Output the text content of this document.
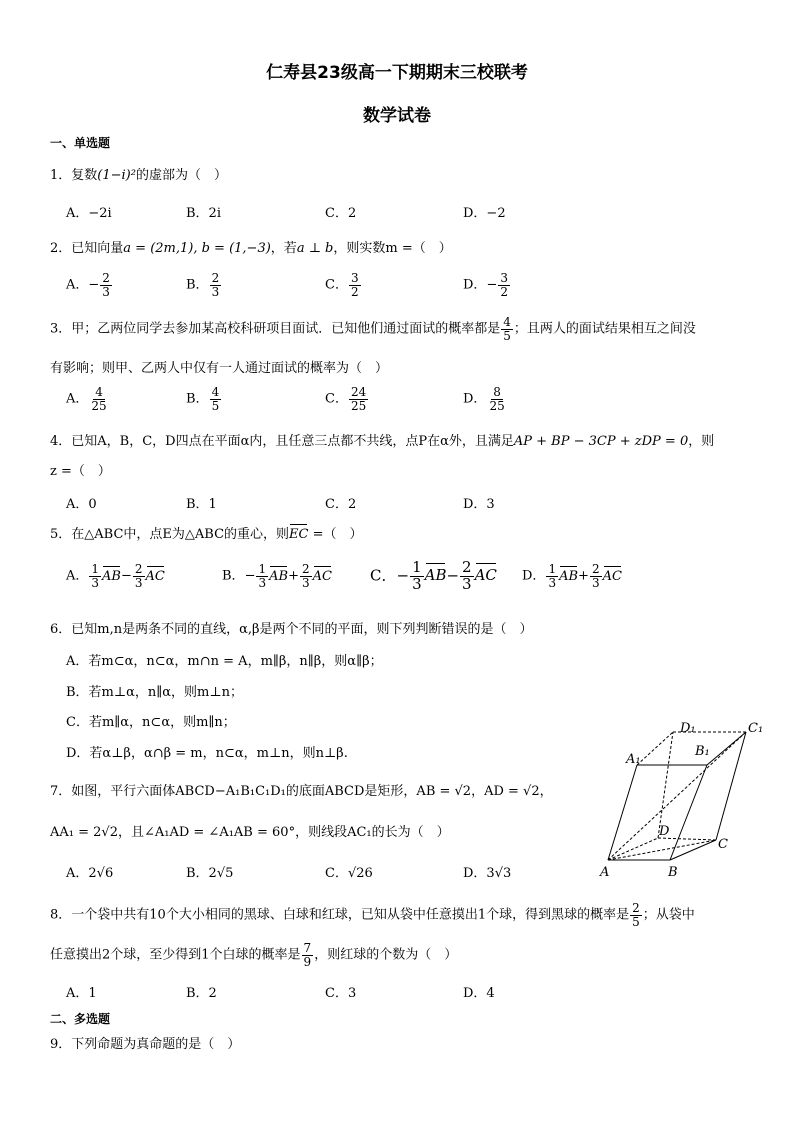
仁寿县23级高一下期期末三校联考
数学试卷
一、单选题
1．复数(1−i)²的虚部为（　）
A．−2i	B．2i	C．2	D．−2
2．已知向量a = (2m,1), b = (1,−3)，若a ⊥ b，则实数m =（　）
A．− $\frac{2}{3}$	B． $\frac{2}{3}$	C． $\frac{3}{2}$	D．− $\frac{3}{2}$
3．甲；乙两位同学去参加某高校科研项目面试．已知他们通过面试的概率都是 $\frac{4}{5}$ ；且两人的面试结果相互之间没
有影响；则甲、乙两人中仅有一人通过面试的概率为（　）
A． $\frac{4}{25}$	B． $\frac{4}{5}$	C． $\frac{24}{25}$	D． $\frac{8}{25}$
4．已知A，B，C，D四点在平面α内，且任意三点都不共线，点P在α外，且满足AP + BP − 3CP + zDP = 0，则
z =（　）
A．0	B．1	C．2	D．3
5．在△ABC中，点E为△ABC的重心，则EC =（　）
A． $\frac{1}{3} AB- \frac{2}{3}$ AC	B．− $\frac{1}{3} AB+ \frac{2}{3}$ AC	C．− $\frac{1}{3} AB- \frac{2}{3}$ AC D． $\frac{1}{3} AB+ \frac{2}{3}$ AC
6．已知m,n是两条不同的直线，α,β是两个不同的平面，则下列判断错误的是（　）
A．若m⊂α，n⊂α，m∩n = A，m∥β，n∥β，则α∥β；
B．若m⊥α，n∥α，则m⊥n；
C．若m∥α，n⊂α，则m∥n；
D．若α⊥β，α∩β = m，n⊂α，m⊥n，则n⊥β.
7．如图，平行六面体ABCD−A₁B₁C₁D₁的底面ABCD是矩形，AB = √2，AD = √2，
AA₁ = 2√2，且∠A₁AD = ∠A₁AB = 60°，则线段AC₁的长为（　）
A．2√6	B．2√5	C．√26	D．3√3	A	B
C
D
A₁
B₁
C₁
D₁
8．一个袋中共有10个大小相同的黑球、白球和红球，已知从袋中任意摸出1个球，得到黑球的概率是 $\frac{2}{5}$ ；从袋中
任意摸出2个球，至少得到1个白球的概率是 $\frac{7}{9}$ ，则红球的个数为（　）
A．1	B．2	C．3	D．4
二、多选题
9．下列命题为真命题的是（　）
